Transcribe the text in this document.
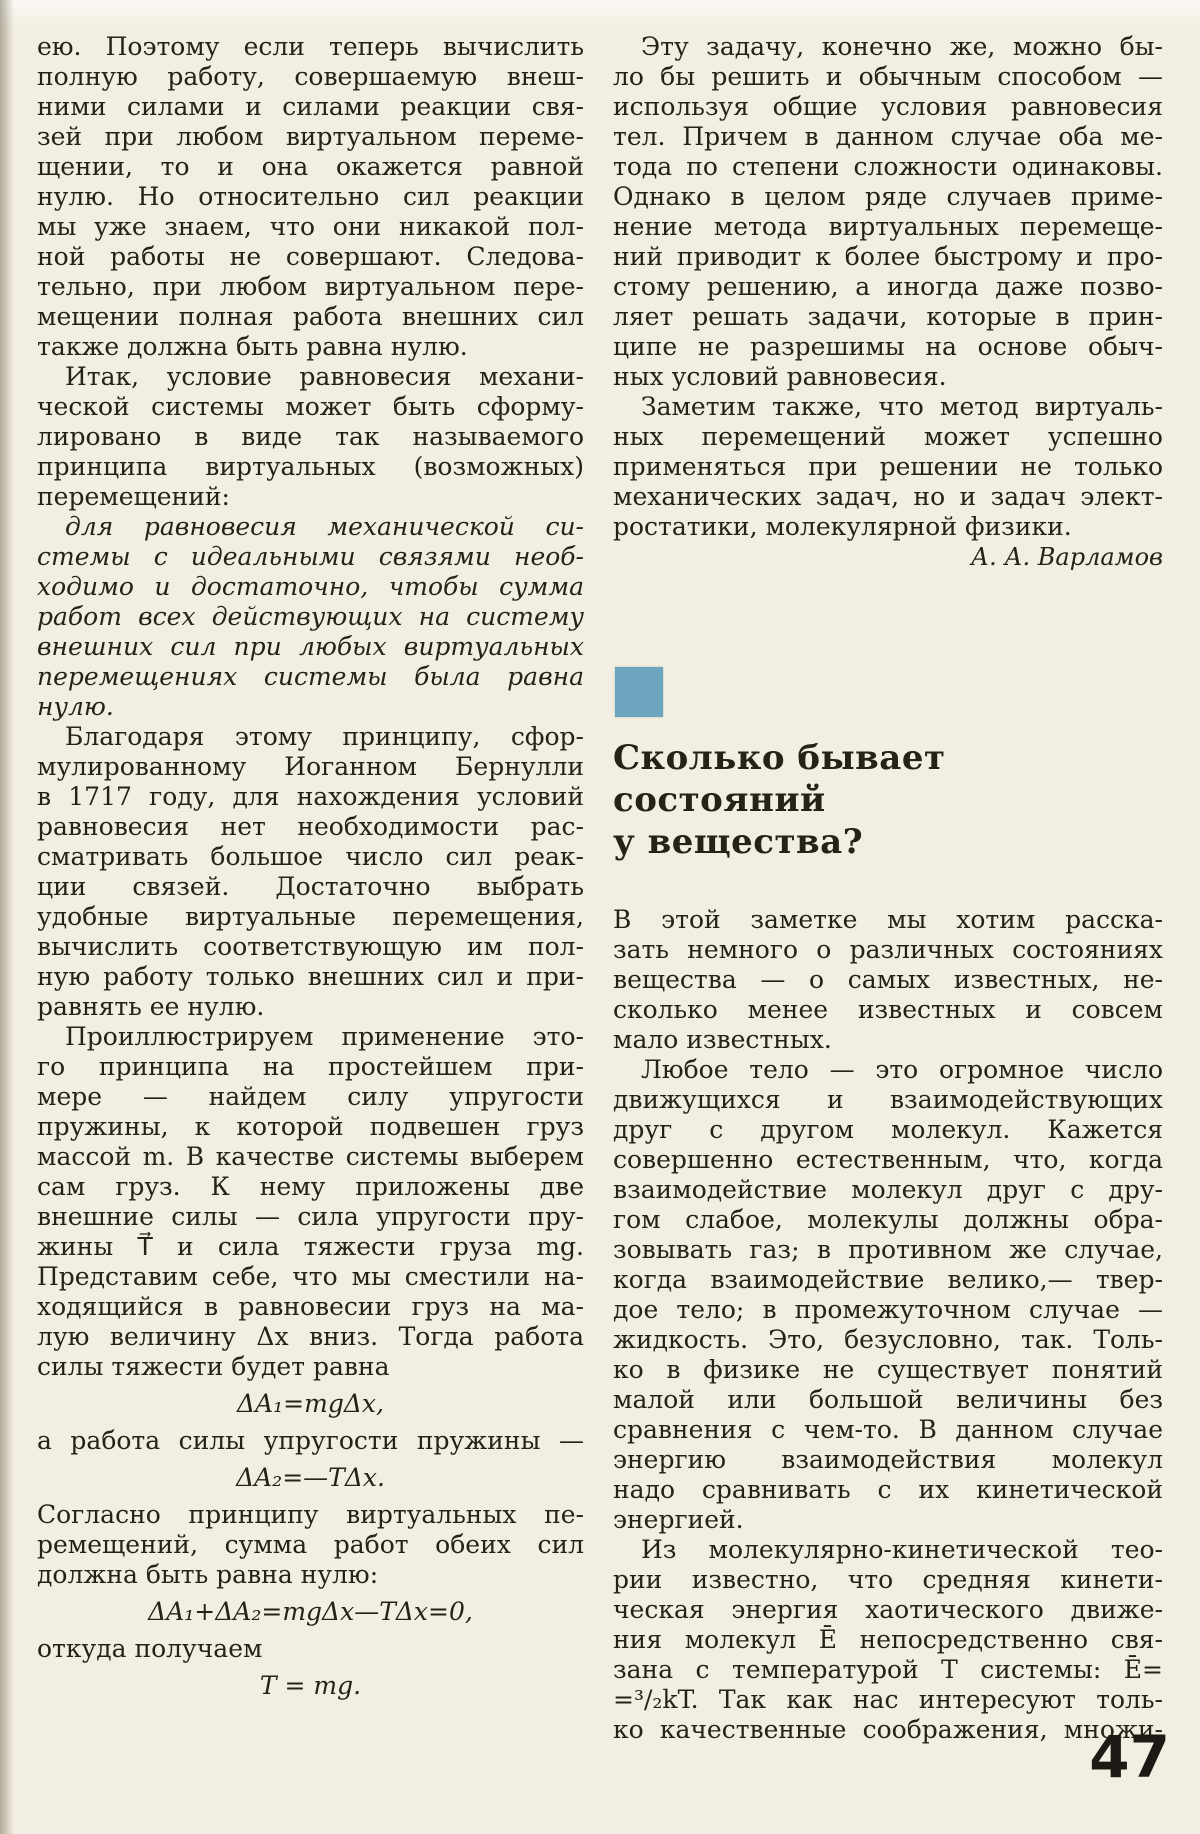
ею. Поэтому если теперь вычислить
полную работу, совершаемую внеш-
ними силами и силами реакции свя-
зей при любом виртуальном переме-
щении, то и она окажется равной
нулю. Но относительно сил реакции
мы уже знаем, что они никакой пол-
ной работы не совершают. Следова-
тельно, при любом виртуальном пере-
мещении полная работа внешних сил
также должна быть равна нулю.
Итак, условие равновесия механи-
ческой системы может быть сформу-
лировано в виде так называемого
принципа виртуальных (возможных)
перемещений:
для равновесия механической си-
стемы с идеальными связями необ-
ходимо и достаточно, чтобы сумма
работ всех действующих на систему
внешних сил при любых виртуальных
перемещениях системы была равна
нулю.
Благодаря этому принципу, сфор-
мулированному Иоганном Бернулли
в 1717 году, для нахождения условий
равновесия нет необходимости рас-
сматривать большое число сил реак-
ции связей. Достаточно выбрать
удобные виртуальные перемещения,
вычислить соответствующую им пол-
ную работу только внешних сил и при-
равнять ее нулю.
Проиллюстрируем применение это-
го принципа на простейшем при-
мере — найдем силу упругости
пружины, к которой подвешен груз
массой m. В качестве системы выберем
сам груз. К нему приложены две
внешние силы — сила упругости пру-
жины T⃗ и сила тяжести груза mg.
Представим себе, что мы сместили на-
ходящийся в равновесии груз на ма-
лую величину Δx вниз. Тогда работа
силы тяжести будет равна
ΔA₁=mgΔx,
а работа силы упругости пружины —
ΔA₂=—TΔx.
Согласно принципу виртуальных пе-
ремещений, сумма работ обеих сил
должна быть равна нулю:
ΔA₁+ΔA₂=mgΔx—TΔx=0,
откуда получаем
T = mg.
Эту задачу, конечно же, можно бы-
ло бы решить и обычным способом —
используя общие условия равновесия
тел. Причем в данном случае оба ме-
тода по степени сложности одинаковы.
Однако в целом ряде случаев приме-
нение метода виртуальных перемеще-
ний приводит к более быстрому и про-
стому решению, а иногда даже позво-
ляет решать задачи, которые в прин-
ципе не разрешимы на основе обыч-
ных условий равновесия.
Заметим также, что метод виртуаль-
ных перемещений может успешно
применяться при решении не только
механических задач, но и задач элект-
ростатики, молекулярной физики.
А. А. Варламов
Сколько бывает состояний
у вещества?
В этой заметке мы хотим расска-
зать немного о различных состояниях
вещества — о самых известных, не-
сколько менее известных и совсем
мало известных.
Любое тело — это огромное число
движущихся и взаимодействующих
друг с другом молекул. Кажется
совершенно естественным, что, когда
взаимодействие молекул друг с дру-
гом слабое, молекулы должны обра-
зовывать газ; в противном же случае,
когда взаимодействие велико,— твер-
дое тело; в промежуточном случае —
жидкость. Это, безусловно, так. Толь-
ко в физике не существует понятий
малой или большой величины без
сравнения с чем-то. В данном случае
энергию взаимодействия молекул
надо сравнивать с их кинетической
энергией.
Из молекулярно-кинетической тео-
рии известно, что средняя кинети-
ческая энергия хаотического движе-
ния молекул Ē непосредственно свя-
зана с температурой T системы: Ē=
=³/₂kT. Так как нас интересуют толь-
ко качественные соображения, множи-
47
